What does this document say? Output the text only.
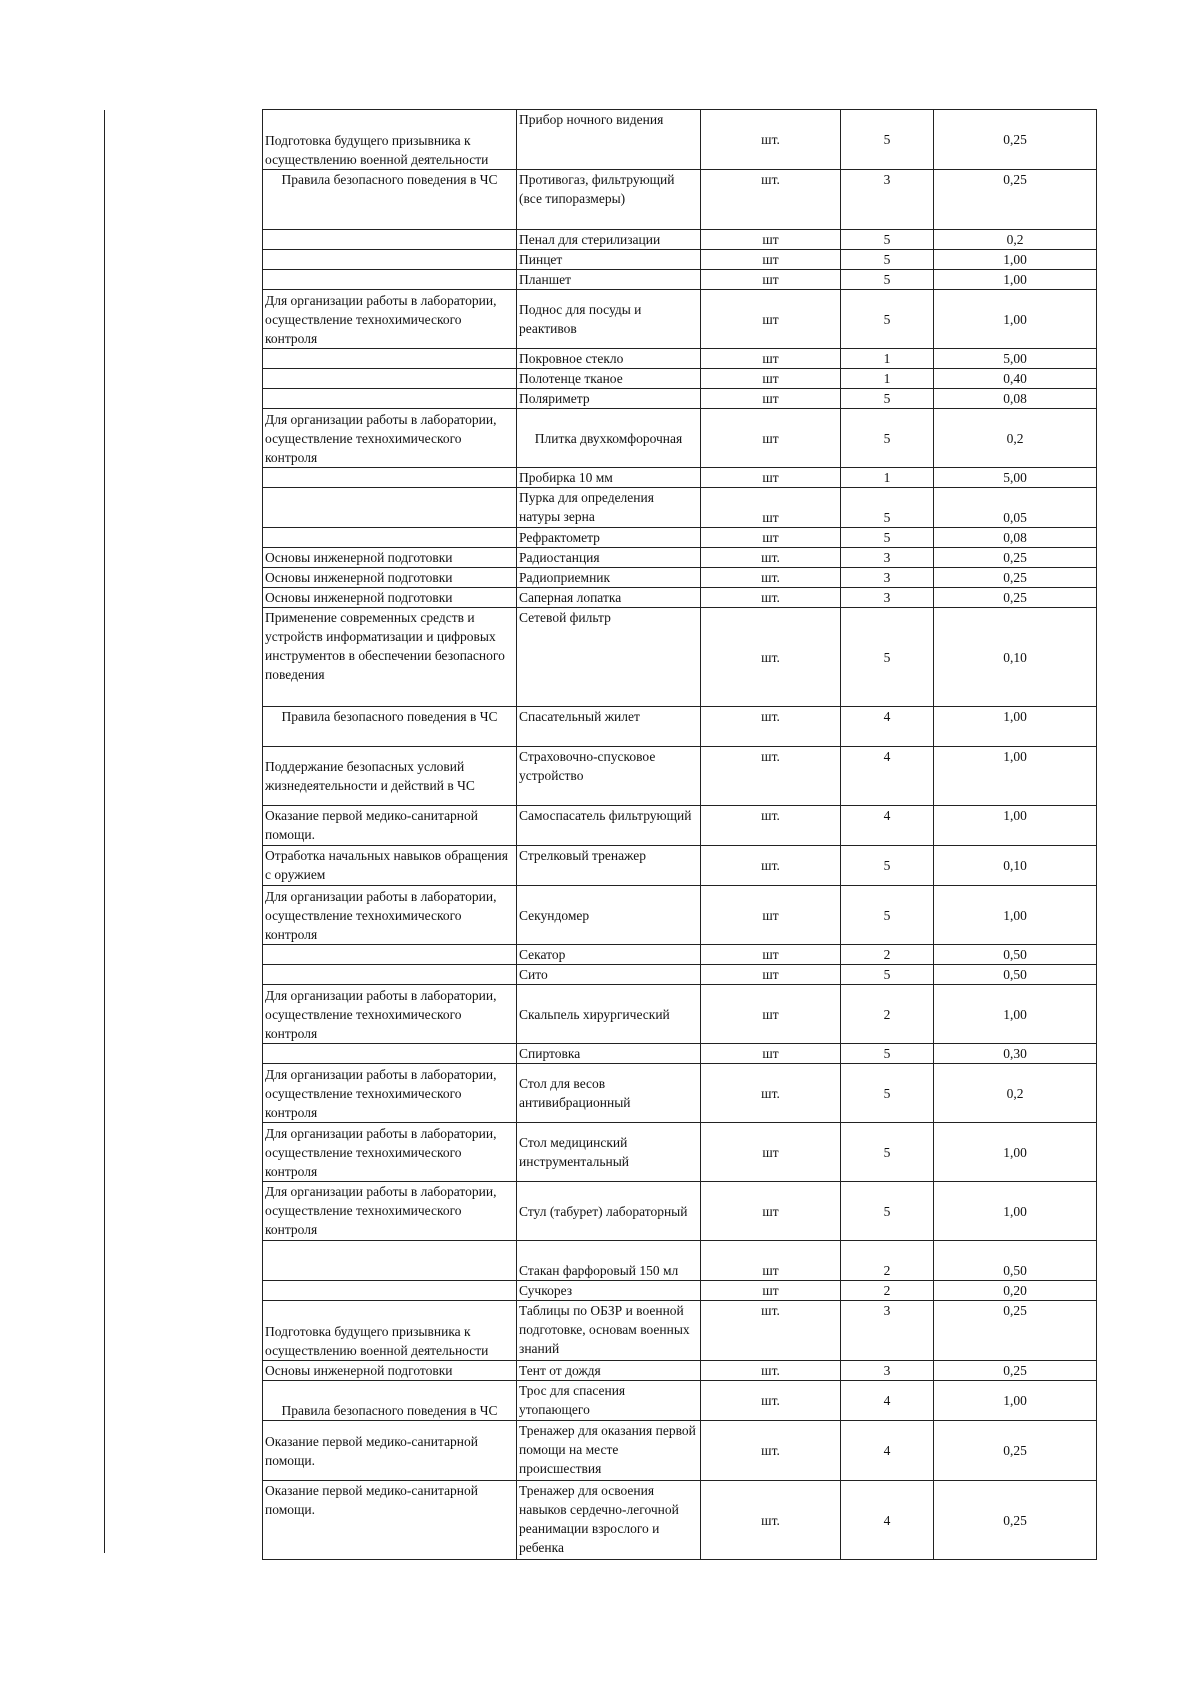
Подготовка будущего призывника к осуществлению военной деятельности	Прибор ночного видения	шт.	5	0,25
Правила безопасного поведения в ЧС	Противогаз, фильтрующий (все типоразмеры)	шт.	3	0,25
	Пенал для стерилизации	шт	5	0,2
	Пинцет	шт	5	1,00
	Планшет	шт	5	1,00
Для организации работы в лаборатории, осуществление технохимического контроля	Поднос для посуды и реактивов	шт	5	1,00
	Покровное стекло	шт	1	5,00
	Полотенце тканое	шт	1	0,40
	Поляриметр	шт	5	0,08
Для организации работы в лаборатории, осуществление технохимического контроля	Плитка двухкомфорочная	шт	5	0,2
	Пробирка 10 мм	шт	1	5,00
	Пурка для определения натуры зерна	шт	5	0,05
	Рефрактометр	шт	5	0,08
Основы инженерной подготовки	Радиостанция	шт.	3	0,25
Основы инженерной подготовки	Радиоприемник	шт.	3	0,25
Основы инженерной подготовки	Саперная лопатка	шт.	3	0,25
Применение современных средств и устройств информатизации и цифровых инструментов в обеспечении безопасного поведения	Сетевой фильтр	шт.	5	0,10
Правила безопасного поведения в ЧС	Спасательный жилет	шт.	4	1,00
Поддержание безопасных условий жизнедеятельности и действий в ЧС	Страховочно-спусковое устройство	шт.	4	1,00
Оказание первой медико-санитарной помощи.	Самоспасатель фильтрующий	шт.	4	1,00
Отработка начальных навыков обращения с оружием	Стрелковый тренажер	шт.	5	0,10
Для организации работы в лаборатории, осуществление технохимического контроля	Секундомер	шт	5	1,00
	Секатор	шт	2	0,50
	Сито	шт	5	0,50
Для организации работы в лаборатории, осуществление технохимического контроля	Скальпель хирургический	шт	2	1,00
	Спиртовка	шт	5	0,30
Для организации работы в лаборатории, осуществление технохимического контроля	Стол для весов антивибрационный	шт.	5	0,2
Для организации работы в лаборатории, осуществление технохимического контроля	Стол медицинский инструментальный	шт	5	1,00
Для организации работы в лаборатории, осуществление технохимического контроля	Стул (табурет) лабораторный	шт	5	1,00
	Стакан фарфоровый 150 мл	шт	2	0,50
	Сучкорез	шт	2	0,20
Подготовка будущего призывника к осуществлению военной деятельности	Таблицы по ОБЗР и военной подготовке, основам военных знаний	шт.	3	0,25
Основы инженерной подготовки	Тент от дождя	шт.	3	0,25
Правила безопасного поведения в ЧС	Трос для спасения утопающего	шт.	4	1,00
Оказание первой медико-санитарной помощи.	Тренажер для оказания первой помощи на месте происшествия	шт.	4	0,25
Оказание первой медико-санитарной помощи.	Тренажер для освоения навыков сердечно-легочной реанимации взрослого и ребенка	шт.	4	0,25
